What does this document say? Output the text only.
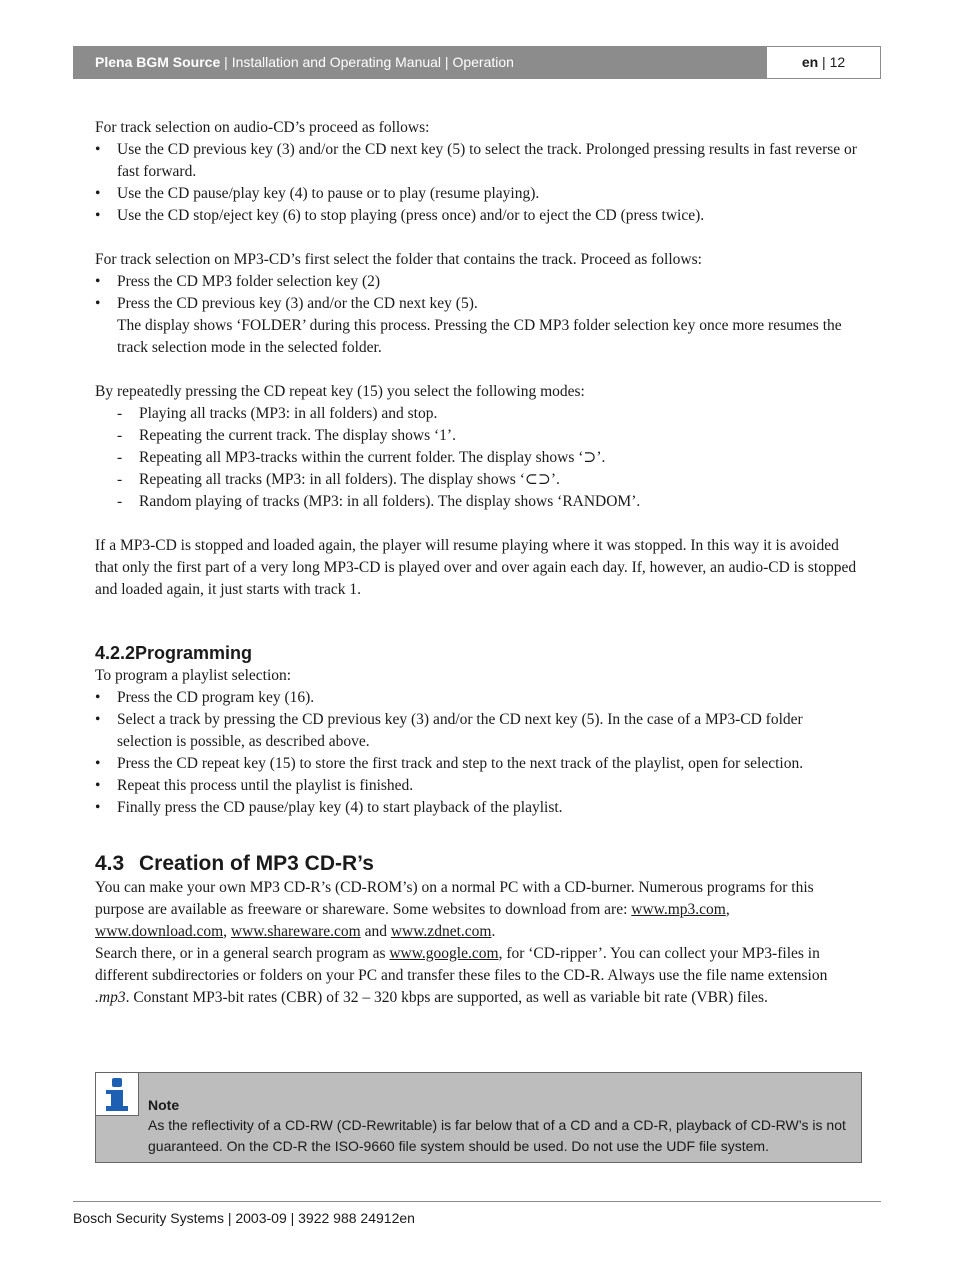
Plena BGM Source | Installation and Operating Manual | Operation	en | 12

For track selection on audio-CD’s proceed as follows:

• Use the CD previous key (3) and/or the CD next key (5) to select the track. Prolonged pressing results in fast reverse or fast forward.
• Use the CD pause/play key (4) to pause or to play (resume playing).
• Use the CD stop/eject key (6) to stop playing (press once) and/or to eject the CD (press twice).

For track selection on MP3-CD’s first select the folder that contains the track. Proceed as follows:

• Press the CD MP3 folder selection key (2)
• Press the CD previous key (3) and/or the CD next key (5).
The display shows ‘FOLDER’ during this process. Pressing the CD MP3 folder selection key once more resumes the track selection mode in the selected folder.

By repeatedly pressing the CD repeat key (15) you select the following modes:

- Playing all tracks (MP3: in all folders) and stop.
- Repeating the current track. The display shows ‘1’.
- Repeating all MP3-tracks within the current folder. The display shows ‘⊃’.
- Repeating all tracks (MP3: in all folders). The display shows ‘⊂⊃’.
- Random playing of tracks (MP3: in all folders). The display shows ‘RANDOM’.

If a MP3-CD is stopped and loaded again, the player will resume playing where it was stopped. In this way it is avoided that only the first part of a very long MP3-CD is played over and over again each day. If, however, an audio-CD is stopped and loaded again, it just starts with track 1.

4.2.2Programming

To program a playlist selection:

• Press the CD program key (16).
• Select a track by pressing the CD previous key (3) and/or the CD next key (5). In the case of a MP3-CD folder selection is possible, as described above.
• Press the CD repeat key (15) to store the first track and step to the next track of the playlist, open for selection.
• Repeat this process until the playlist is finished.
• Finally press the CD pause/play key (4) to start playback of the playlist.
4.3 Creation of MP3 CD-R’s

You can make your own MP3 CD-R’s (CD-ROM’s) on a normal PC with a CD-burner. Numerous programs for this purpose are available as freeware or shareware. Some websites to download from are: www.mp3.com, www.download.com, www.shareware.com and www.zdnet.com.

Search there, or in a general search program as www.google.com, for ‘CD-ripper’. You can collect your MP3-files in different subdirectories or folders on your PC and transfer these files to the CD-R. Always use the file name extension .mp3. Constant MP3-bit rates (CBR) of 32 – 320 kbps are supported, as well as variable bit rate (VBR) files.

Note
As the reflectivity of a CD-RW (CD-Rewritable) is far below that of a CD and a CD-R, playback of CD-RW’s is not guaranteed. On the CD-R the ISO-9660 file system should be used. Do not use the UDF file system.
Bosch Security Systems | 2003-09 | 3922 988 24912en
